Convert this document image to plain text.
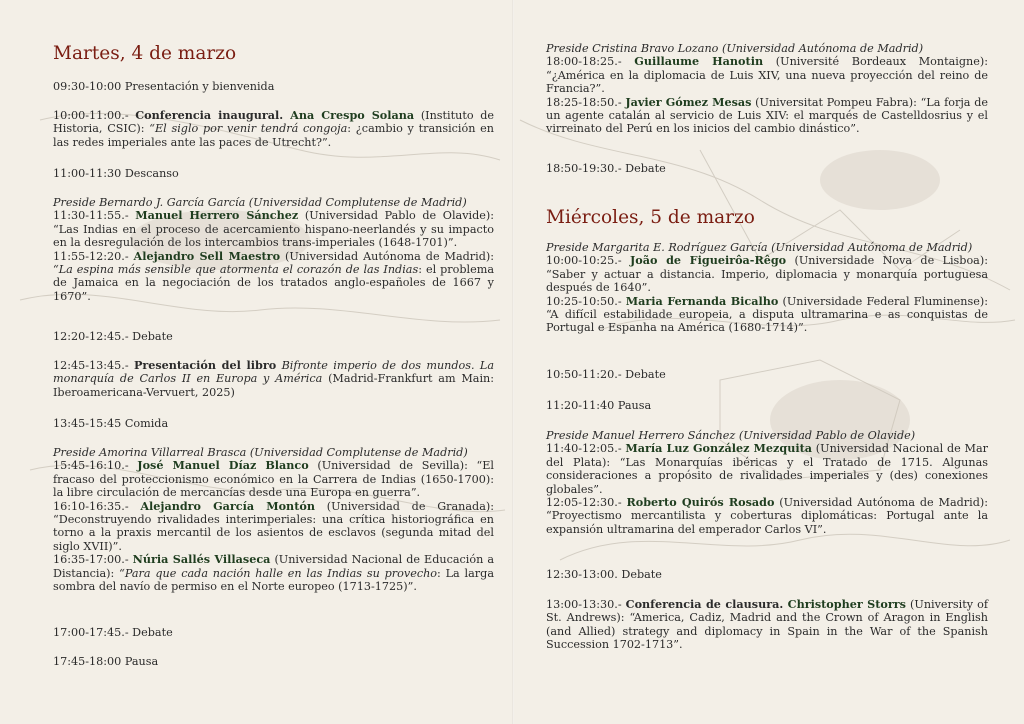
Martes, 4 de marzo

09:30-10:00 Presentación y bienvenida

10:00-11:00.- Conferencia inaugural. Ana Crespo Solana (Instituto de Historia, CSIC): “El siglo por venir tendrá congoja: ¿cambio y transición en las redes imperiales ante las paces de Utrecht?”.

11:00-11:30 Descanso

Preside Bernardo J. García García (Universidad Complutense de Madrid)

11:30-11:55.- Manuel Herrero Sánchez (Universidad Pablo de Olavide): “Las Indias en el proceso de acercamiento hispano-neerlandés y su impacto en la desregulación de los intercambios trans-imperiales (1648-1701)”.

11:55-12:20.- Alejandro Sell Maestro (Universidad Autónoma de Madrid): “La espina más sensible que atormenta el corazón de las Indias: el problema de Jamaica en la negociación de los tratados anglo-españoles de 1667 y 1670”.

12:20-12:45.- Debate

12:45-13:45.- Presentación del libro Bifronte imperio de dos mundos. La monarquía de Carlos II en Europa y América (Madrid-Frankfurt am Main: Iberoamericana-Vervuert, 2025)

13:45-15:45 Comida

Preside Amorina Villarreal Brasca (Universidad Complutense de Madrid)

15:45-16:10.- José Manuel Díaz Blanco (Universidad de Sevilla): “El fracaso del proteccionismo económico en la Carrera de Indias (1650-1700): la libre circulación de mercancías desde una Europa en guerra”.

16:10-16:35.- Alejandro García Montón (Universidad de Granada): “Deconstruyendo rivalidades interimperiales: una crítica historiográfica en torno a la praxis mercantil de los asientos de esclavos (segunda mitad del siglo XVII)”.

16:35-17:00.- Núria Sallés Villaseca (Universidad Nacional de Educación a Distancia): “Para que cada nación halle en las Indias su provecho: La larga sombra del navío de permiso en el Norte europeo (1713-1725)”.

17:00-17:45.- Debate

17:45-18:00 Pausa

Preside Cristina Bravo Lozano (Universidad Autónoma de Madrid)

18:00-18:25.- Guillaume Hanotin (Université Bordeaux Montaigne): “¿América en la diplomacia de Luis XIV, una nueva proyección del reino de Francia?”.

18:25-18:50.- Javier Gómez Mesas (Universitat Pompeu Fabra): “La forja de un agente catalán al servicio de Luis XIV: el marqués de Castelldosrius y el virreinato del Perú en los inicios del cambio dinástico”.

18:50-19:30.- Debate

Miércoles, 5 de marzo

Preside Margarita E. Rodríguez García (Universidad Autónoma de Madrid)

10:00-10:25.- João de Figueirôa-Rêgo (Universidade Nova de Lisboa): “Saber y actuar a distancia. Imperio, diplomacia y monarquía portuguesa después de 1640”.

10:25-10:50.- Maria Fernanda Bicalho (Universidade Federal Fluminense): “A difícil estabilidade europeia, a disputa ultramarina e as conquistas de Portugal e Espanha na América (1680-1714)”.

10:50-11:20.- Debate

11:20-11:40 Pausa

Preside Manuel Herrero Sánchez (Universidad Pablo de Olavide)

11:40-12:05.- María Luz González Mezquita (Universidad Nacional de Mar del Plata): “Las Monarquías ibéricas y el Tratado de 1715. Algunas consideraciones a propósito de rivalidades imperiales y (des) conexiones globales”.

12:05-12:30.- Roberto Quirós Rosado (Universidad Autónoma de Madrid): “Proyectismo mercantilista y coberturas diplomáticas: Portugal ante la expansión ultramarina del emperador Carlos VI”.

12:30-13:00. Debate

13:00-13:30.- Conferencia de clausura. Christopher Storrs (University of St. Andrews): “America, Cadiz, Madrid and the Crown of Aragon in English (and Allied) strategy and diplomacy in Spain in the War of the Spanish Succession 1702-1713”.
